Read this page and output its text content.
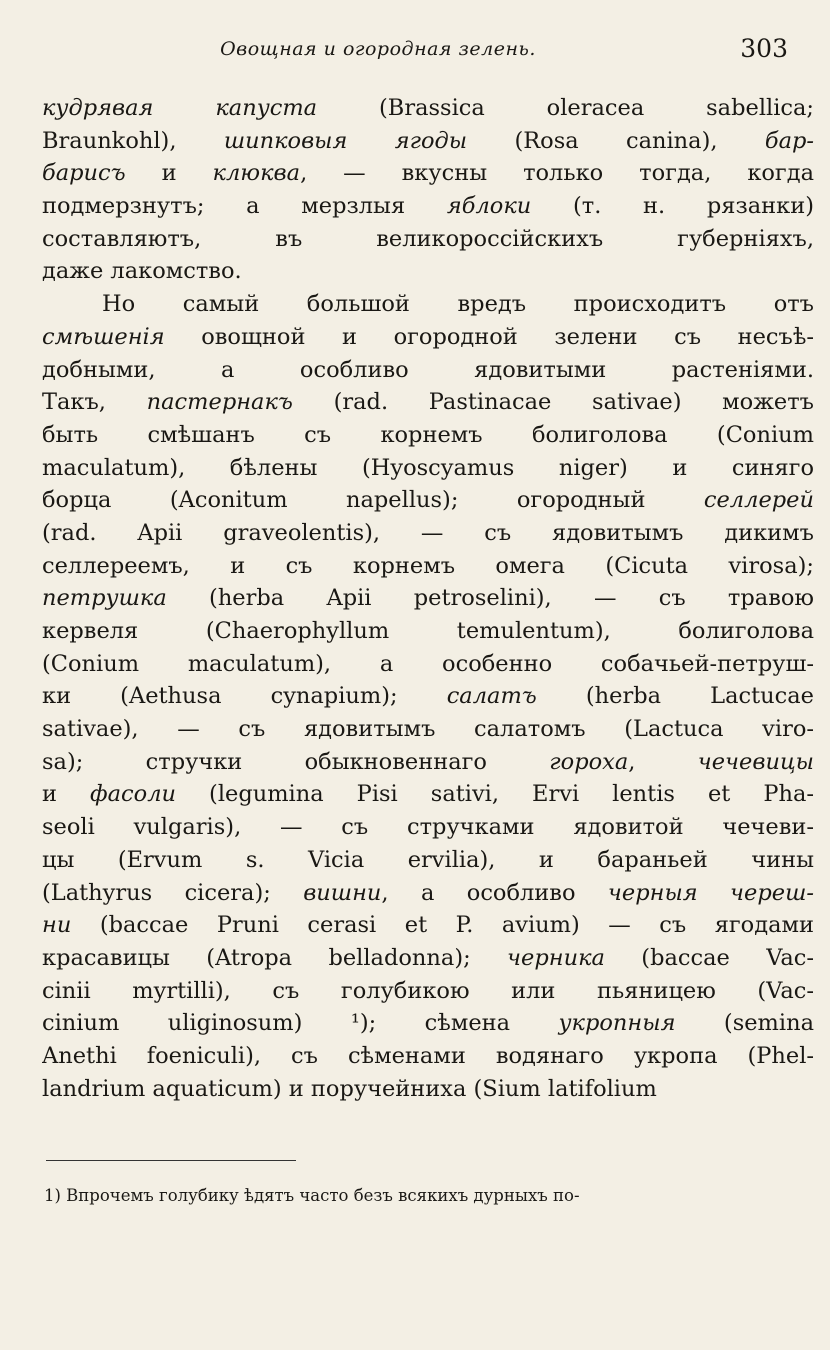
Овощная и огородная зелень.	303
кудрявая капуста (Brassica oleracea sabellica;
Braunkohl), шипковыя ягоды (Rosa canina), бар-
барисъ и клюква, — вкусны только тогда, когда
подмерзнутъ; а мерзлыя яблоки (т. н. рязанки)
составляютъ, въ великороссійскихъ губерніяхъ,
даже лакомство.
Но самый большой вредъ происходитъ отъ
смѣшенія овощной и огородной зелени съ несъѣ-
добными, а особливо ядовитыми растеніями.
Такъ, пастернакъ (rad. Pastinacae sativae) можетъ
быть смѣшанъ съ корнемъ болиголова (Conium
maculatum), бѣлены (Hyoscyamus niger) и синяго
борца (Aconitum napellus); огородный селлерей
(rad. Apii graveolentis), — съ ядовитымъ дикимъ
селлереемъ, и съ корнемъ омега (Cicuta virosa);
петрушка (herba Apii petroselini), — съ травою
кервеля (Chaerophyllum temulentum), болиголова
(Conium maculatum), а особенно собачьей-петруш-
ки (Aethusa cynapium); салатъ (herba Lactucae
sativae), — съ ядовитымъ салатомъ (Lactuca viro-
sa); стручки обыкновеннаго гороха, чечевицы
и фасоли (legumina Pisi sativi, Ervi lentis et Pha-
seoli vulgaris), — съ стручками ядовитой чечеви-
цы (Ervum s. Vicia ervilia), и бараньей чины
(Lathyrus cicera); вишни, а особливо черныя череш-
ни (baccae Pruni cerasi et P. avium) — съ ягодами
красавицы (Atropa belladonna); черника (baccae Vac-
cinii myrtilli), съ голубикою или пьяницею (Vac-
cinium uliginosum) ¹); сѣмена укропныя (semina
Anethi foeniculi), съ сѣменами водянаго укропа (Phel-
landrium aquaticum) и поручейниха (Sium latifolium
1) Впрочемъ голубику ѣдятъ часто безъ всякихъ дурныхъ по-
